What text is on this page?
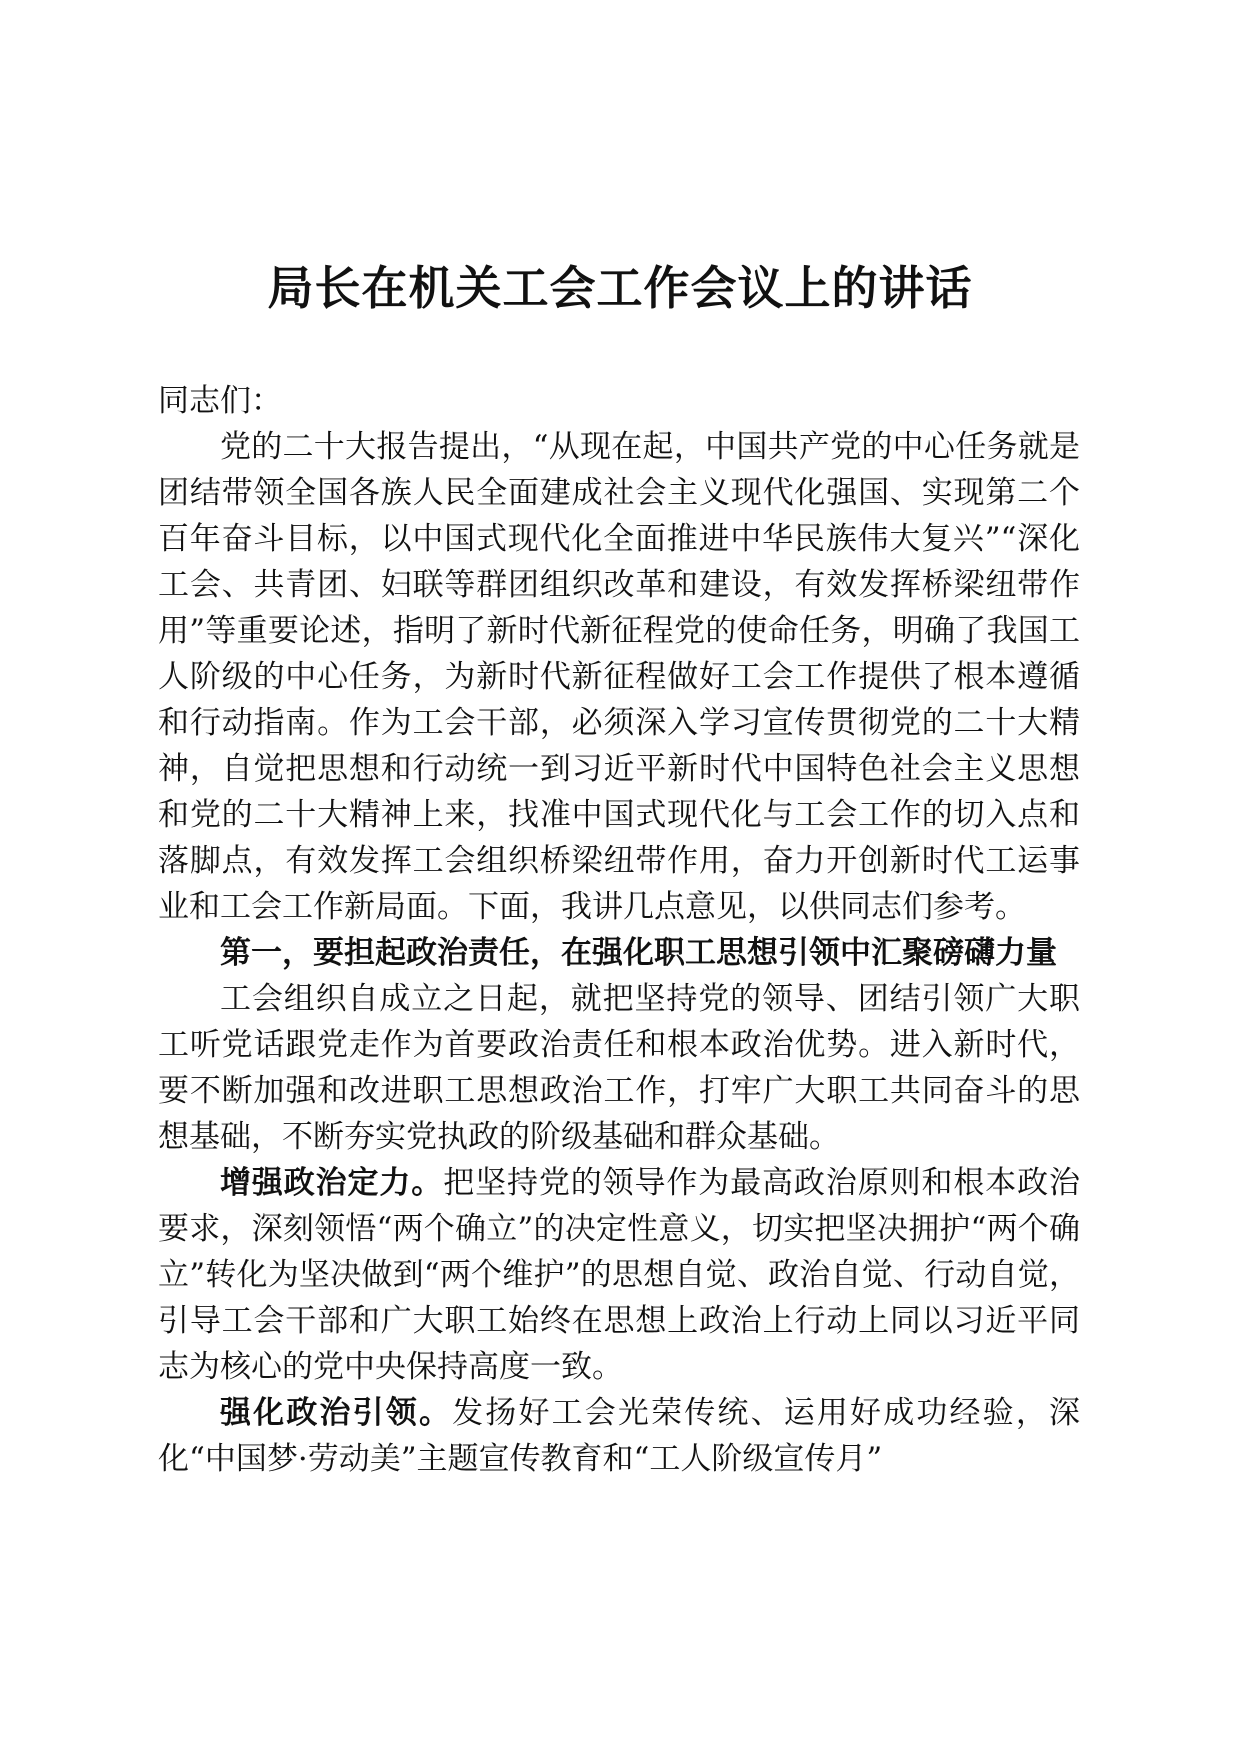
局长在机关工会工作会议上的讲话

同志们：

党的二十大报告提出，“从现在起，中国共产党的中心任务就是团结带领全国各族人民全面建成社会主义现代化强国、实现第二个百年奋斗目标，以中国式现代化全面推进中华民族伟大复兴”“深化工会、共青团、妇联等群团组织改革和建设，有效发挥桥梁纽带作用”等重要论述，指明了新时代新征程党的使命任务，明确了我国工人阶级的中心任务，为新时代新征程做好工会工作提供了根本遵循和行动指南。作为工会干部，必须深入学习宣传贯彻党的二十大精神，自觉把思想和行动统一到习近平新时代中国特色社会主义思想和党的二十大精神上来，找准中国式现代化与工会工作的切入点和落脚点，有效发挥工会组织桥梁纽带作用，奋力开创新时代工运事业和工会工作新局面。下面，我讲几点意见，以供同志们参考。

第一，要担起政治责任，在强化职工思想引领中汇聚磅礴力量

工会组织自成立之日起，就把坚持党的领导、团结引领广大职工听党话跟党走作为首要政治责任和根本政治优势。进入新时代，要不断加强和改进职工思想政治工作，打牢广大职工共同奋斗的思想基础，不断夯实党执政的阶级基础和群众基础。

增强政治定力。把坚持党的领导作为最高政治原则和根本政治要求，深刻领悟“两个确立”的决定性意义，切实把坚决拥护“两个确立”转化为坚决做到“两个维护”的思想自觉、政治自觉、行动自觉，引导工会干部和广大职工始终在思想上政治上行动上同以习近平同志为核心的党中央保持高度一致。

强化政治引领。发扬好工会光荣传统、运用好成功经验，深化“中国梦·劳动美”主题宣传教育和“工人阶级宣传月”
